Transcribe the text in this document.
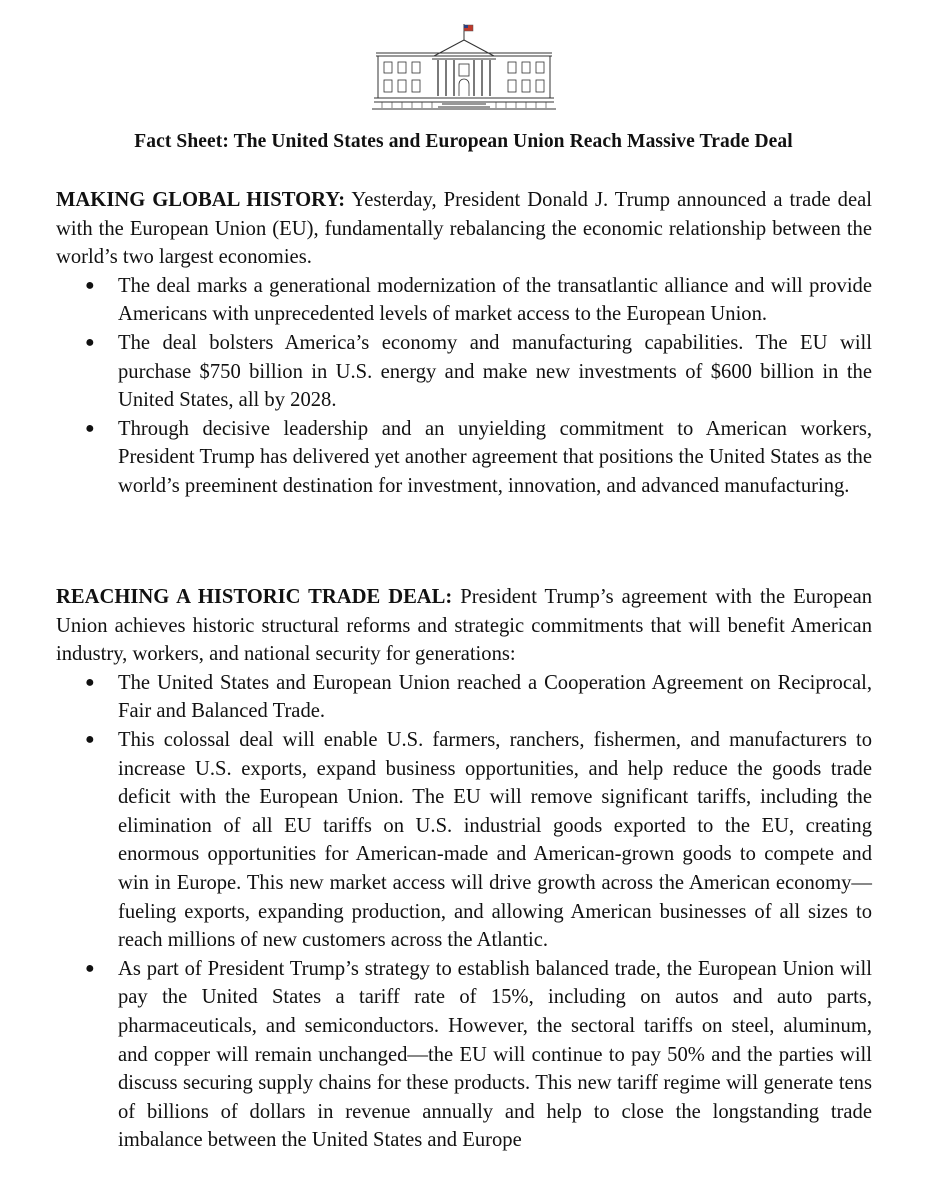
Fact Sheet: The United States and European Union Reach Massive Trade Deal

MAKING GLOBAL HISTORY: Yesterday, President Donald J. Trump announced a trade deal with the European Union (EU), fundamentally rebalancing the economic relationship between the world’s two largest economies.

● The deal marks a generational modernization of the transatlantic alliance and will provide Americans with unprecedented levels of market access to the European Union.
● The deal bolsters America’s economy and manufacturing capabilities. The EU will purchase $750 billion in U.S. energy and make new investments of $600 billion in the United States, all by 2028.
● Through decisive leadership and an unyielding commitment to American workers, President Trump has delivered yet another agreement that positions the United States as the world’s preeminent destination for investment, innovation, and advanced manufacturing.

REACHING A HISTORIC TRADE DEAL: President Trump’s agreement with the European Union achieves historic structural reforms and strategic commitments that will benefit American industry, workers, and national security for generations:

● The United States and European Union reached a Cooperation Agreement on Reciprocal, Fair and Balanced Trade.
● This colossal deal will enable U.S. farmers, ranchers, fishermen, and manufacturers to increase U.S. exports, expand business opportunities, and help reduce the goods trade deficit with the European Union. The EU will remove significant tariffs, including the elimination of all EU tariffs on U.S. industrial goods exported to the EU, creating enormous opportunities for American-made and American-grown goods to compete and win in Europe. This new market access will drive growth across the American economy—fueling exports, expanding production, and allowing American businesses of all sizes to reach millions of new customers across the Atlantic.
● As part of President Trump’s strategy to establish balanced trade, the European Union will pay the United States a tariff rate of 15%, including on autos and auto parts, pharmaceuticals, and semiconductors. However, the sectoral tariffs on steel, aluminum, and copper will remain unchanged—the EU will continue to pay 50% and the parties will discuss securing supply chains for these products. This new tariff regime will generate tens of billions of dollars in revenue annually and help to close the longstanding trade imbalance between the United States and Europe
